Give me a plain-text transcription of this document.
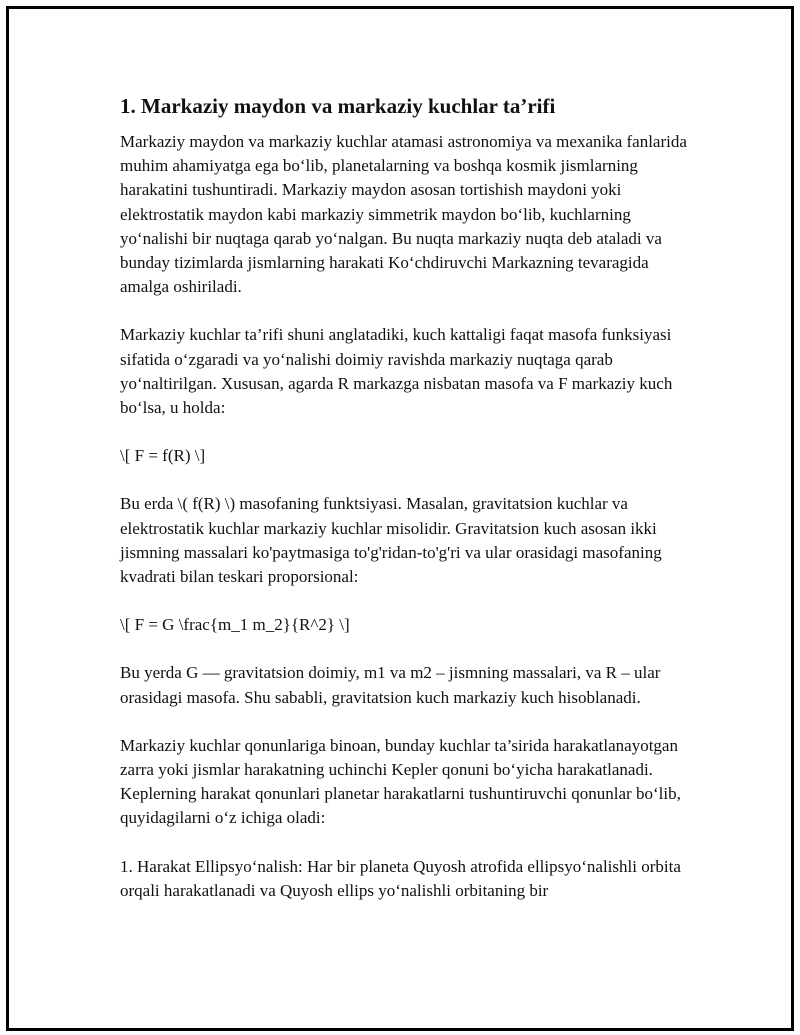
1. Markaziy maydon va markaziy kuchlar ta’rifi

Markaziy maydon va markaziy kuchlar atamasi astronomiya va mexanika fanlarida muhim ahamiyatga ega bo‘lib, planetalarning va boshqa kosmik jismlarning harakatini tushuntiradi. Markaziy maydon asosan tortishish maydoni yoki elektrostatik maydon kabi markaziy simmetrik maydon bo‘lib, kuchlarning yo‘nalishi bir nuqtaga qarab yo‘nalgan. Bu nuqta markaziy nuqta deb ataladi va bunday tizimlarda jismlarning harakati Ko‘chdiruvchi Markazning tevaragida amalga oshiriladi.

Markaziy kuchlar ta’rifi shuni anglatadiki, kuch kattaligi faqat masofa funksiyasi sifatida o‘zgaradi va yo‘nalishi doimiy ravishda markaziy nuqtaga qarab yo‘naltirilgan. Xususan, agarda R markazga nisbatan masofa va F markaziy kuch bo‘lsa, u holda:

\[ F = f(R) \]

Bu erda \( f(R) \) masofaning funktsiyasi. Masalan, gravitatsion kuchlar va elektrostatik kuchlar markaziy kuchlar misolidir. Gravitatsion kuch asosan ikki jismning massalari ko'paytmasiga to'g'ridan-to'g'ri va ular orasidagi masofaning kvadrati bilan teskari proporsional:

\[ F = G \frac{m_1 m_2}{R^2} \]

Bu yerda G — gravitatsion doimiy, m1 va m2 – jismning massalari, va R – ular orasidagi masofa. Shu sababli, gravitatsion kuch markaziy kuch hisoblanadi.

Markaziy kuchlar qonunlariga binoan, bunday kuchlar ta’sirida harakatlanayotgan zarra yoki jismlar harakatning uchinchi Kepler qonuni bo‘yicha harakatlanadi. Keplerning harakat qonunlari planetar harakatlarni tushuntiruvchi qonunlar bo‘lib, quyidagilarni o‘z ichiga oladi:

1. Harakat Ellipsyo‘nalish: Har bir planeta Quyosh atrofida ellipsyo‘nalishli orbita orqali harakatlanadi va Quyosh ellips yo‘nalishli orbitaning bir
